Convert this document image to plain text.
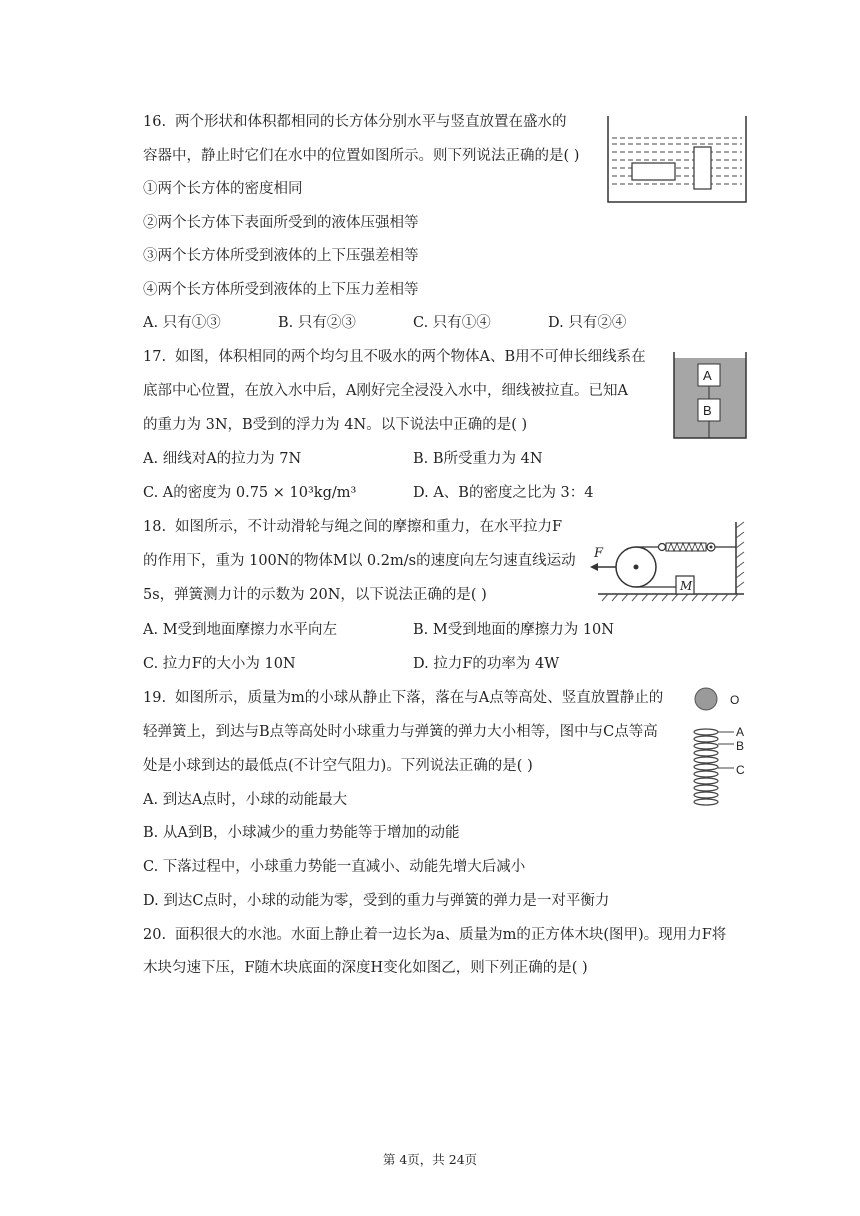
16. 两个形状和体积都相同的长方体分别水平与竖直放置在盛水的
容器中，静止时它们在水中的位置如图所示。则下列说法正确的是( )
①两个长方体的密度相同
②两个长方体下表面所受到的液体压强相等
③两个长方体所受到液体的上下压强差相等
④两个长方体所受到液体的上下压力差相等
A. 只有①③	B. 只有②③	C. 只有①④	D. 只有②④
17. 如图，体积相同的两个均匀且不吸水的两个物体A、B用不可伸长细线系在
底部中心位置，在放入水中后，A刚好完全浸没入水中，细线被拉直。已知A
的重力为 3N，B受到的浮力为 4N。以下说法中正确的是( )
A. 细线对A的拉力为 7N	B. B所受重力为 4N
C. A的密度为 0.75 × 10³kg/m³	D. A、B的密度之比为 3：4
A
B
18. 如图所示，不计动滑轮与绳之间的摩擦和重力，在水平拉力F
的作用下，重为 100N的物体M以 0.2m/s的速度向左匀速直线运动
5s，弹簧测力计的示数为 20N，以下说法正确的是( )
A. M受到地面摩擦力水平向左	B. M受到地面的摩擦力为 10N
C. 拉力F的大小为 10N	D. 拉力F的功率为 4W
F
M
19. 如图所示，质量为m的小球从静止下落，落在与A点等高处、竖直放置静止的
轻弹簧上，到达与B点等高处时小球重力与弹簧的弹力大小相等，图中与C点等高
处是小球到达的最低点(不计空气阻力)。下列说法正确的是( )
A. 到达A点时，小球的动能最大
B. 从A到B，小球减少的重力势能等于增加的动能
C. 下落过程中，小球重力势能一直减小、动能先增大后减小
D. 到达C点时，小球的动能为零，受到的重力与弹簧的弹力是一对平衡力
O
A
B
C
20. 面积很大的水池。水面上静止着一边长为a、质量为m的正方体木块(图甲)。现用力F将
木块匀速下压，F随木块底面的深度H变化如图乙，则下列正确的是( )
第 4页，共 24页
